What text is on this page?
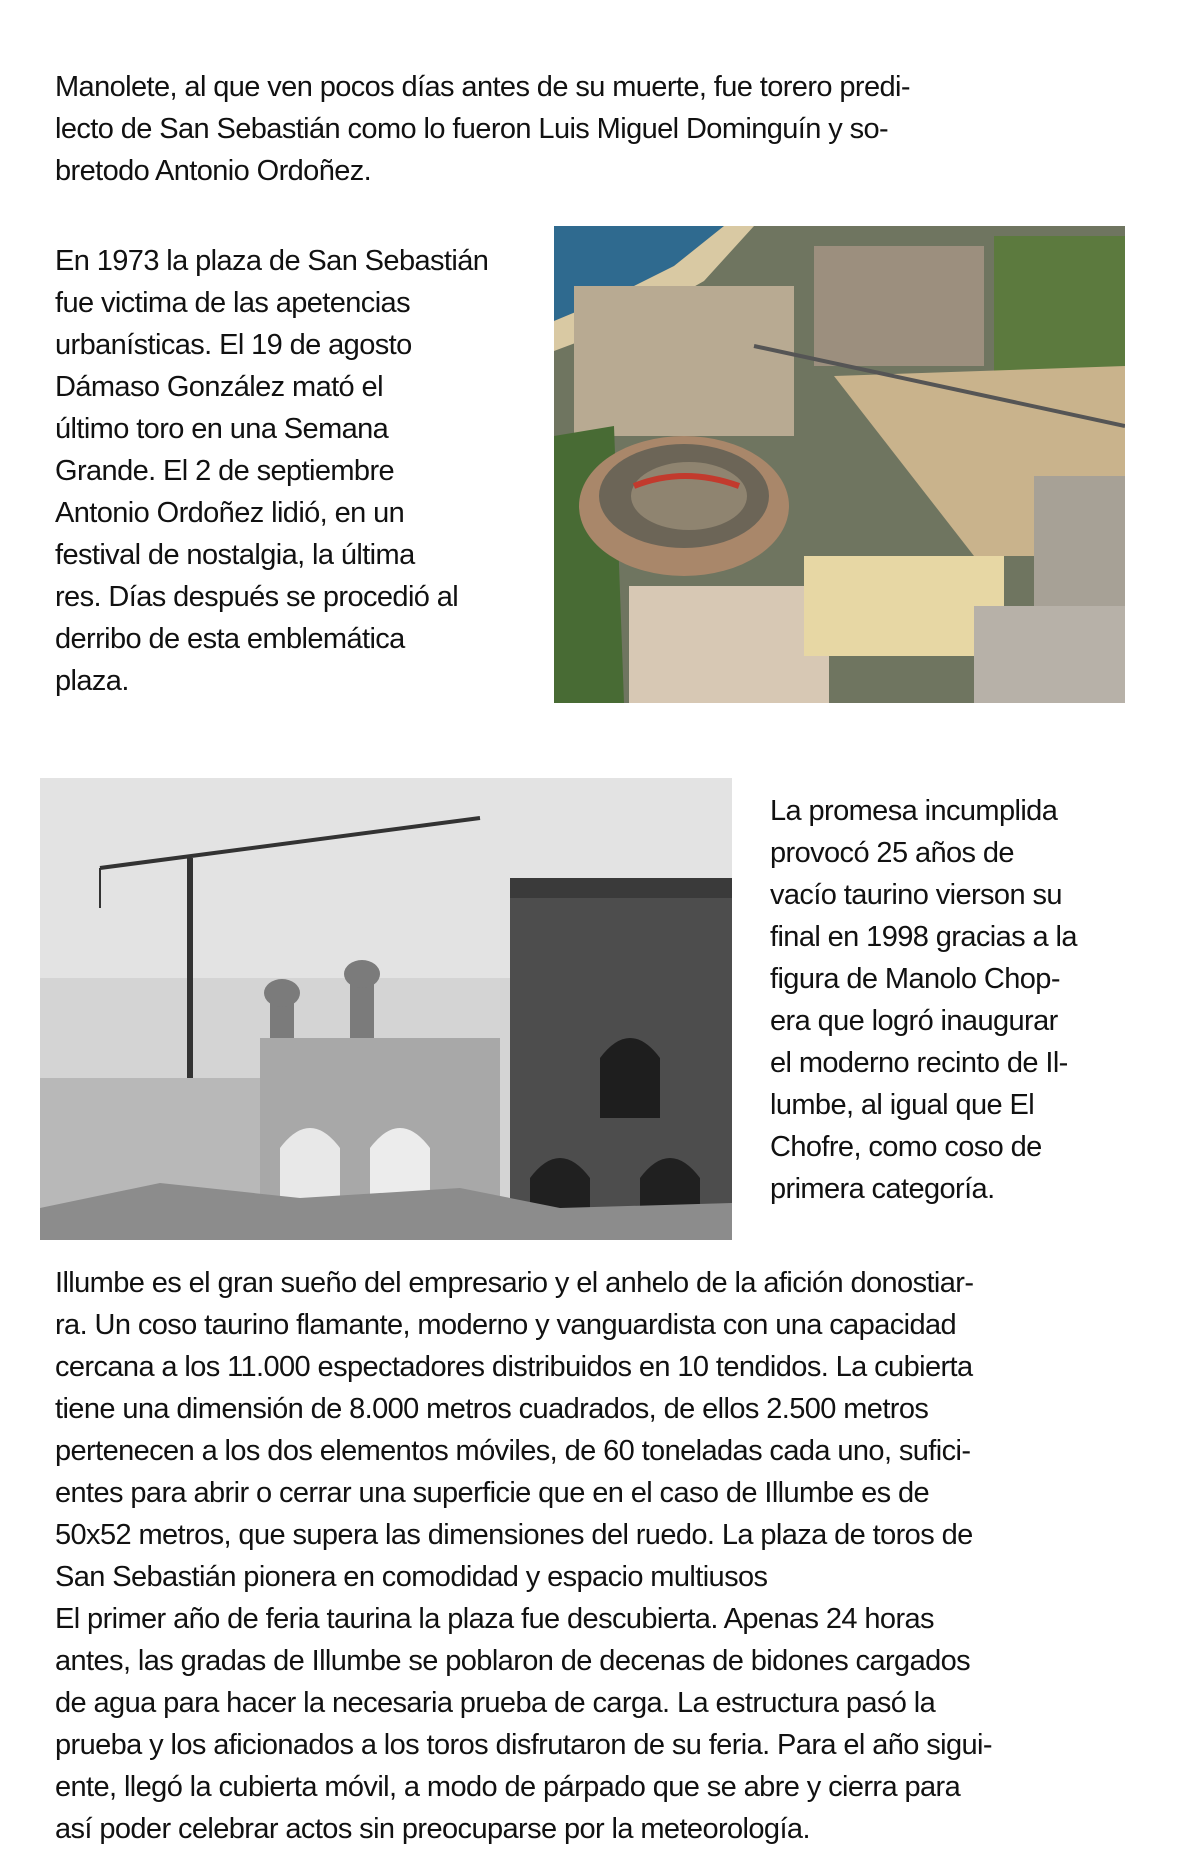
Manolete, al que ven pocos días antes de su muerte, fue torero predi-
lecto de San Sebastián como lo fueron Luis Miguel Dominguín y so-
bretodo Antonio Ordoñez.

En 1973 la plaza de San Sebastián
fue victima de las apetencias
urbanísticas. El 19 de agosto
Dámaso González mató el
último toro en una Semana
Grande. El 2 de septiembre
Antonio Ordoñez lidió, en un
festival de nostalgia, la última
res. Días después se procedió al
derribo de esta emblemática
plaza.

La promesa incumplida
provocó 25 años de
vacío taurino vierson su
final en 1998 gracias a la
figura de Manolo Chop-
era que logró inaugurar
el moderno recinto de Il-
lumbe, al igual que El
Chofre, como coso de
primera categoría.

Illumbe es el gran sueño del empresario y el anhelo de la afición donostiar-
ra. Un coso taurino flamante, moderno y vanguardista con una capacidad
cercana a los 11.000 espectadores distribuidos en 10 tendidos. La cubierta
tiene una dimensión de 8.000 metros cuadrados, de ellos 2.500 metros
pertenecen a los dos elementos móviles, de 60 toneladas cada uno, sufici-
entes para abrir o cerrar una superficie que en el caso de Illumbe es de
50x52 metros, que supera las dimensiones del ruedo. La plaza de toros de
San Sebastián pionera en comodidad y espacio multiusos
El primer año de feria taurina la plaza fue descubierta. Apenas 24 horas
antes, las gradas de Illumbe se poblaron de decenas de bidones cargados
de agua para hacer la necesaria prueba de carga. La estructura pasó la
prueba y los aficionados a los toros disfrutaron de su feria. Para el año sigui-
ente, llegó la cubierta móvil, a modo de párpado que se abre y cierra para
así poder celebrar actos sin preocuparse por la meteorología.
